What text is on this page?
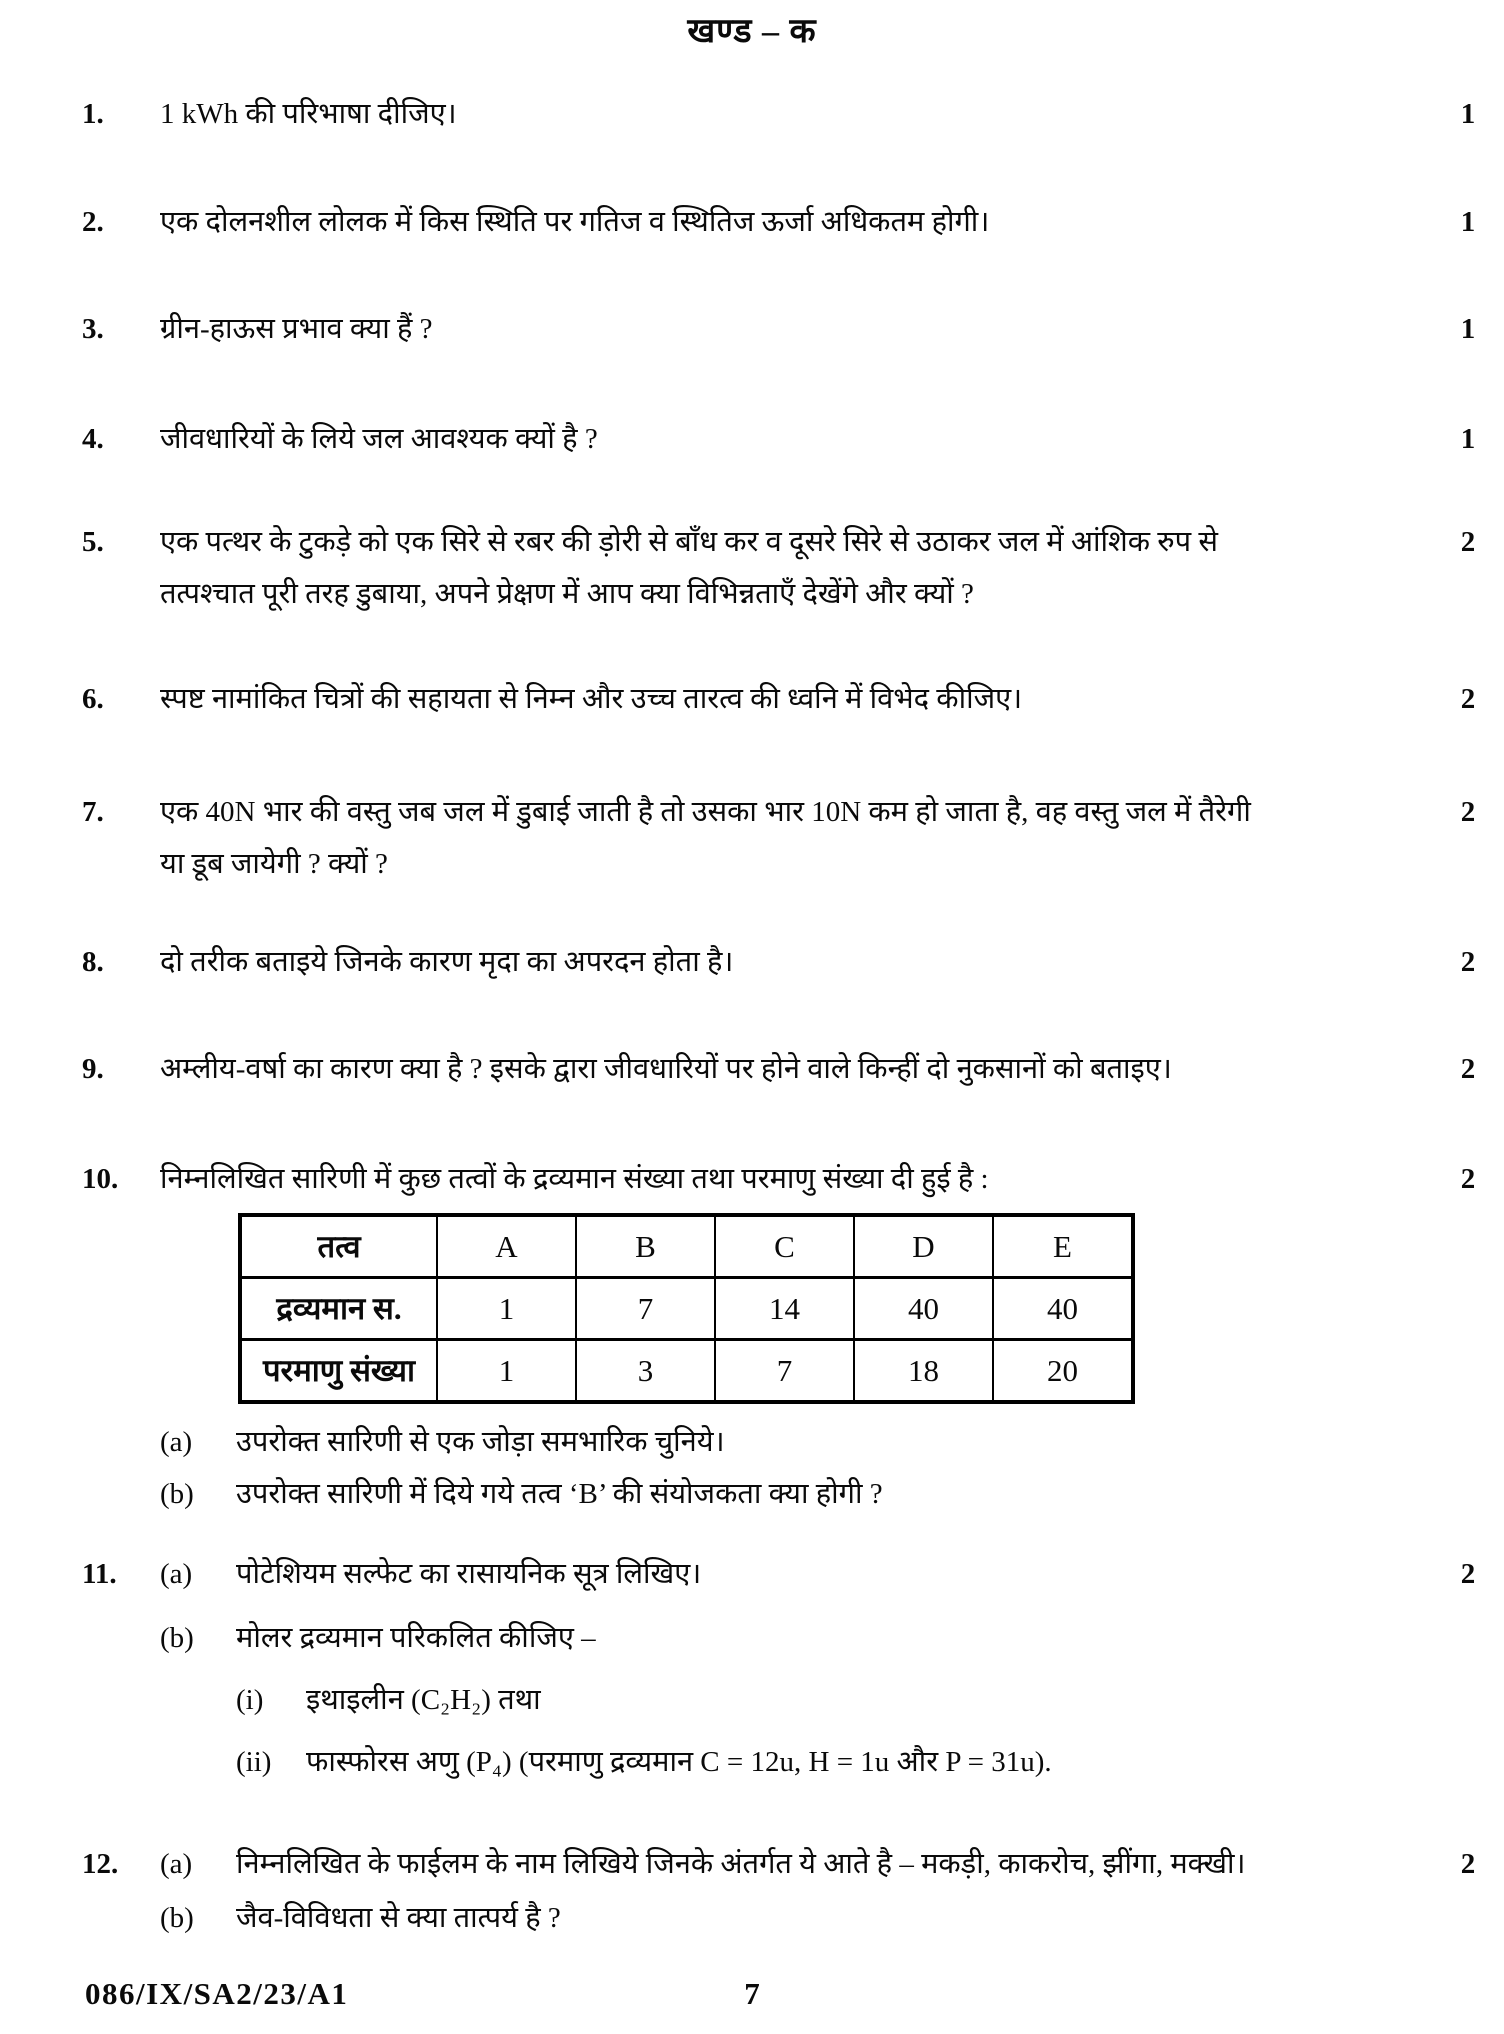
खण्ड – क
1.	1 kWh की परिभाषा दीजिए।	1
2.	एक दोलनशील लोलक में किस स्थिति पर गतिज व स्थितिज ऊर्जा अधिकतम होगी।	1
3.	ग्रीन-हाऊस प्रभाव क्या हैं ?	1
4.	जीवधारियों के लिये जल आवश्यक क्यों है ?	1
5.	एक पत्थर के टुकड़े को एक सिरे से रबर की ड़ोरी से बाँध कर व दूसरे सिरे से उठाकर जल में आंशिक रुप से
तत्पश्चात पूरी तरह डुबाया, अपने प्रेक्षण में आप क्या विभिन्नताएँ देखेंगे और क्यों ?
2
6.	स्पष्ट नामांकित चित्रों की सहायता से निम्न और उच्च तारत्व की ध्वनि में विभेद कीजिए।	2
7.	एक 40N भार की वस्तु जब जल में डुबाई जाती है तो उसका भार 10N कम हो जाता है, वह वस्तु जल में तैरेगी
या डूब जायेगी ? क्यों ?
2
8.	दो तरीक बताइये जिनके कारण मृदा का अपरदन होता है।	2
9.	अम्लीय-वर्षा का कारण क्या है ? इसके द्वारा जीवधारियों पर होने वाले किन्हीं दो नुकसानों को बताइए।	2
10.	निम्नलिखित सारिणी में कुछ तत्वों के द्रव्यमान संख्या तथा परमाणु संख्या दी हुई है :
तत्व	A	B	C	D	E
द्रव्यमान स.	1	7	14	40	40
परमाणु संख्या	1	3	7	18	20
(a)	उपरोक्त सारिणी से एक जोड़ा समभारिक चुनिये।
(b)	उपरोक्त सारिणी में दिये गये तत्व ‘B’ की संयोजकता क्या होगी ?
2
11.	(a)	पोटेशियम सल्फेट का रासायनिक सूत्र लिखिए।
(b)	मोलर द्रव्यमान परिकलित कीजिए –
(i)	इथाइलीन (C₂H₂) तथा
(ii)	फास्फोरस अणु (P₄) (परमाणु द्रव्यमान C = 12u, H = 1u और P = 31u).
2
12.	(a)	निम्नलिखित के फाईलम के नाम लिखिये जिनके अंतर्गत ये आते है – मकड़ी, काकरोच, झींगा, मक्खी।
(b)	जैव-विविधता से क्या तात्पर्य है ?
2
086/IX/SA2/23/A1	7
